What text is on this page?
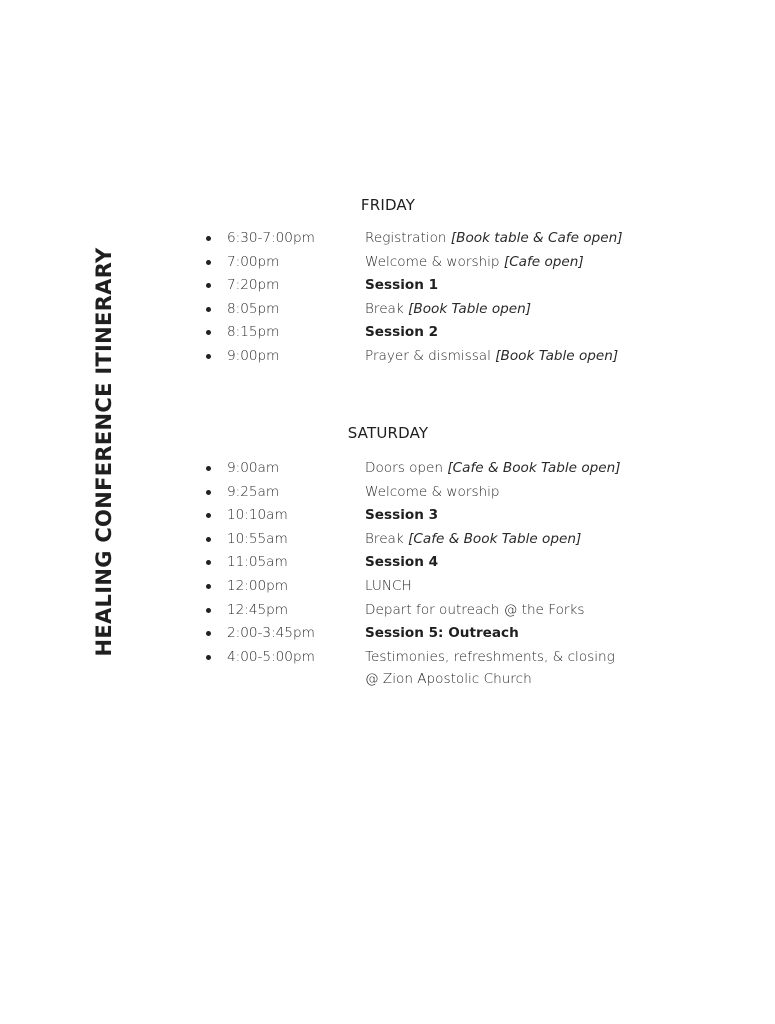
HEALING CONFERENCE ITINERARY
FRIDAY
6:30-7:00pm	Registration [Book table & Cafe open]
7:00pm	Welcome & worship [Cafe open]
7:20pm	Session 1
8:05pm	Break [Book Table open]
8:15pm	Session 2
9:00pm	Prayer & dismissal [Book Table open]
SATURDAY
9:00am	Doors open [Cafe & Book Table open]
9:25am	Welcome & worship
10:10am	Session 3
10:55am	Break [Cafe & Book Table open]
11:05am	Session 4
12:00pm	LUNCH
12:45pm	Depart for outreach @ the Forks
2:00-3:45pm	Session 5: Outreach
4:00-5:00pm	Testimonies, refreshments, & closing
@ Zion Apostolic Church
